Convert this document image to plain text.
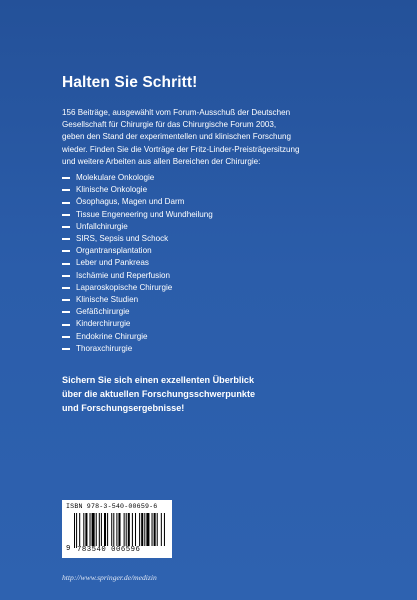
Halten Sie Schritt!
156 Beiträge, ausgewählt vom Forum-Ausschuß der Deutschen
Gesellschaft für Chirurgie für das Chirurgische Forum 2003,
geben den Stand der experimentellen und klinischen Forschung
wieder. Finden Sie die Vorträge der Fritz-Linder-Preisträgersitzung
und weitere Arbeiten aus allen Bereichen der Chirurgie:
Molekulare Onkologie
Klinische Onkologie
Ösophagus, Magen und Darm
Tissue Engeneering und Wundheilung
Unfallchirurgie
SIRS, Sepsis und Schock
Organtransplantation
Leber und Pankreas
Ischämie und Reperfusion
Laparoskopische Chirurgie
Klinische Studien
Gefäßchirurgie
Kinderchirurgie
Endokrine Chirurgie
Thoraxchirurgie
Sichern Sie sich einen exzellenten Überblick
über die aktuellen Forschungsschwerpunkte
und Forschungsergebnisse!
ISBN 978-3-540-00659-6
9 783540 006596
http://www.springer.de/medizin
